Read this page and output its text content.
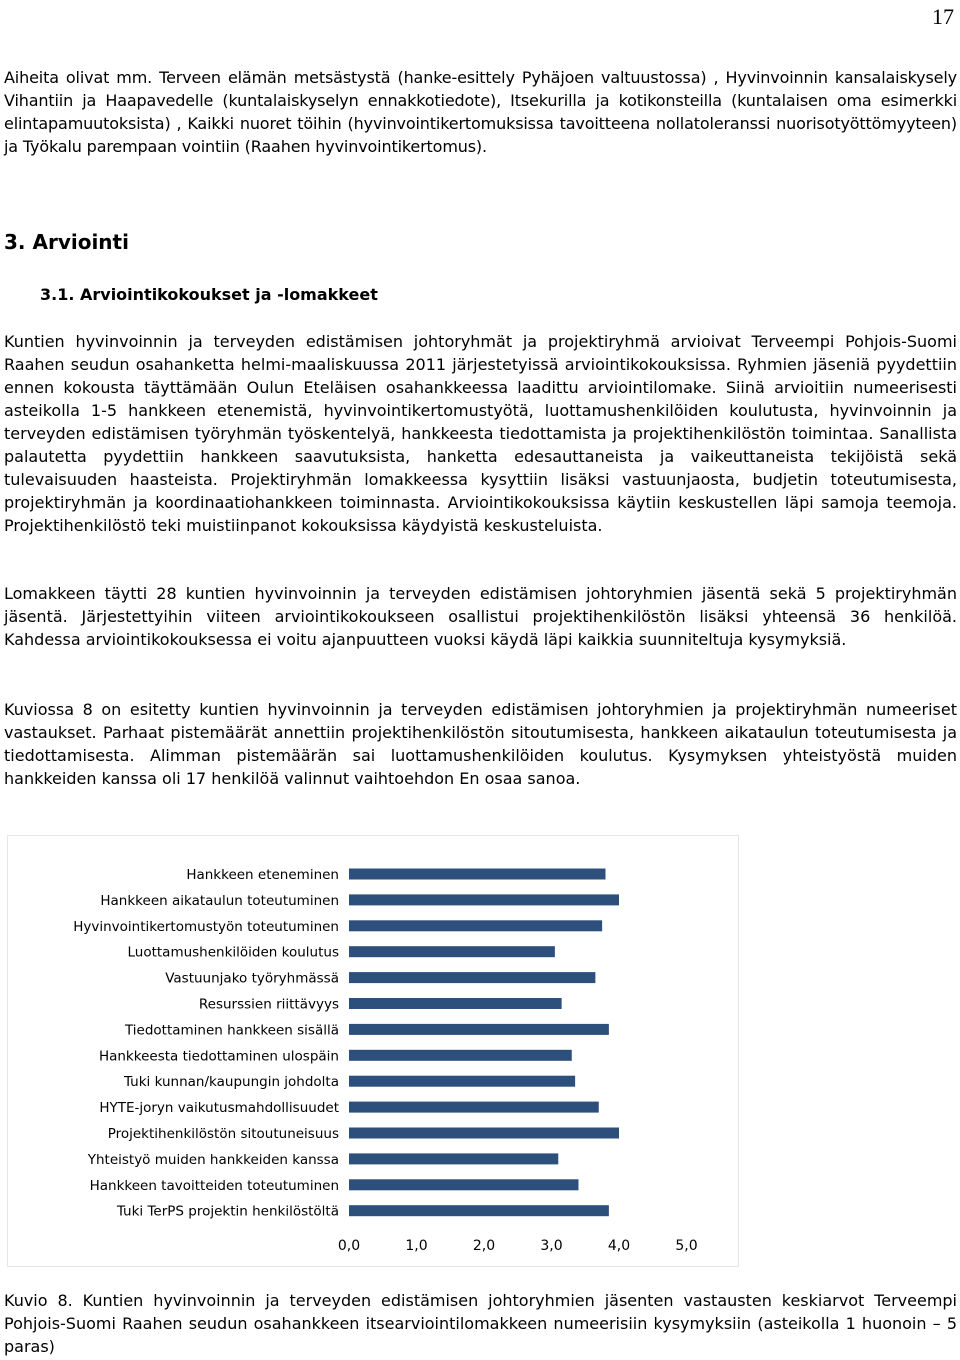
17

Aiheita olivat mm. Terveen elämän metsästystä (hanke-esittely Pyhäjoen valtuustossa) , Hyvinvoinnin kansalaiskysely Vihantiin ja Haapavedelle (kuntalaiskyselyn ennakkotiedote), Itsekurilla ja kotikonsteilla (kuntalaisen oma esimerkki elintapamuutoksista) , Kaikki nuoret töihin (hyvinvointikertomuksissa tavoitteena nollatoleranssi nuorisotyöttömyyteen) ja Työkalu parempaan vointiin (Raahen hyvinvointikertomus).

3. Arviointi
3.1. Arviointikokoukset ja -lomakkeet

Kuntien hyvinvoinnin ja terveyden edistämisen johtoryhmät ja projektiryhmä arvioivat Terveempi Pohjois-Suomi Raahen seudun osahanketta helmi-maaliskuussa 2011 järjestetyissä arviointikokouksissa. Ryhmien jäseniä pyydettiin ennen kokousta täyttämään Oulun Eteläisen osahankkeessa laadittu arviointilomake. Siinä arvioitiin numeerisesti asteikolla 1-5 hankkeen etenemistä, hyvinvointikertomustyötä, luottamushenkilöiden koulutusta, hyvinvoinnin ja terveyden edistämisen työryhmän työskentelyä, hankkeesta tiedottamista ja projektihenkilöstön toimintaa. Sanallista palautetta pyydettiin hankkeen saavutuksista, hanketta edesauttaneista ja vaikeuttaneista tekijöistä sekä tulevaisuuden haasteista. Projektiryhmän lomakkeessa kysyttiin lisäksi vastuunjaosta, budjetin toteutumisesta, projektiryhmän ja koordinaatiohankkeen toiminnasta. Arviointikokouksissa käytiin keskustellen läpi samoja teemoja. Projektihenkilöstö teki muistiinpanot kokouksissa käydyistä keskusteluista.

Lomakkeen täytti 28 kuntien hyvinvoinnin ja terveyden edistämisen johtoryhmien jäsentä sekä 5 projektiryhmän jäsentä. Järjestettyihin viiteen arviointikokoukseen osallistui projektihenkilöstön lisäksi yhteensä 36 henkilöä. Kahdessa arviointikokouksessa ei voitu ajanpuutteen vuoksi käydä läpi kaikkia suunniteltuja kysymyksiä.

Kuviossa 8 on esitetty kuntien hyvinvoinnin ja terveyden edistämisen johtoryhmien ja projektiryhmän numeeriset vastaukset. Parhaat pistemäärät annettiin projektihenkilöstön sitoutumisesta, hankkeen aikataulun toteutumisesta ja tiedottamisesta. Alimman pistemäärän sai luottamushenkilöiden koulutus. Kysymyksen yhteistyöstä muiden hankkeiden kanssa oli 17 henkilöä valinnut vaihtoehdon En osaa sanoa.

Hankkeen eteneminen
Hankkeen aikataulun toteutuminen
Hyvinvointikertomustyön toteutuminen
Luottamushenkilöiden koulutus
Vastuunjako työryhmässä
Resurssien riittävyys
Tiedottaminen hankkeen sisällä
Hankkeesta tiedottaminen ulospäin
Tuki kunnan/kaupungin johdolta
HYTE-joryn vaikutusmahdollisuudet
Projektihenkilöstön sitoutuneisuus
Yhteistyö muiden hankkeiden kanssa
Hankkeen tavoitteiden toteutuminen
Tuki TerPS projektin henkilöstöltä
0,0	1,0	2,0	3,0	4,0	5,0

Kuvio 8. Kuntien hyvinvoinnin ja terveyden edistämisen johtoryhmien jäsenten vastausten keskiarvot Terveempi Pohjois-Suomi Raahen seudun osahankkeen itsearviointilomakkeen numeerisiin kysymyksiin (asteikolla 1 huonoin – 5 paras)
